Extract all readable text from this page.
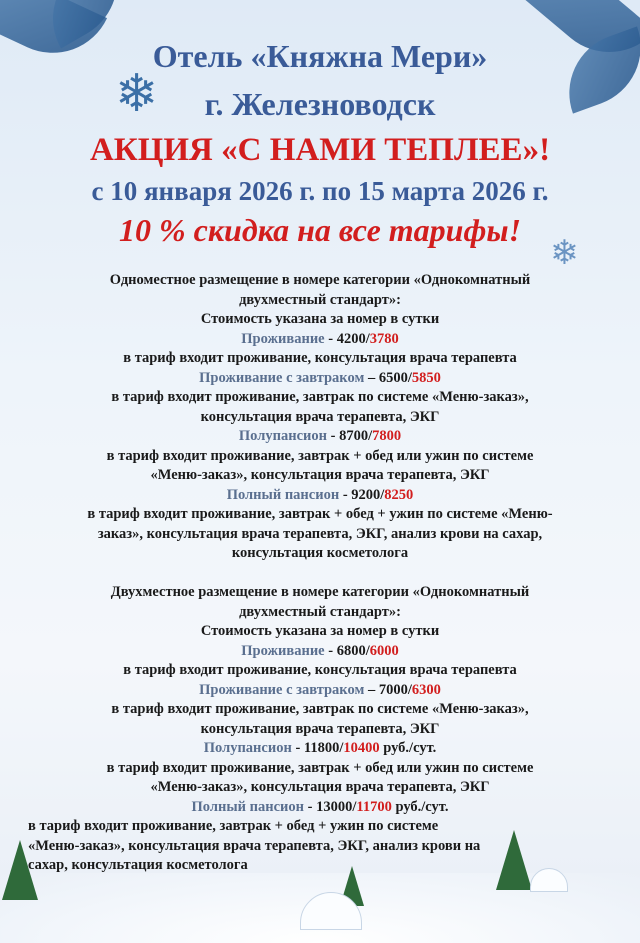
❄
❄
Отель «Княжна Мери»
г. Железноводск
АКЦИЯ «С НАМИ ТЕПЛЕЕ»!
с 10 января 2026 г. по 15 марта 2026 г.
10 % скидка на все тарифы!

Одноместное размещение в номере категории «Однокомнатный

двухместный стандарт»:

Стоимость указана за номер в сутки

Проживание - 4200/3780

в тариф входит проживание, консультация врача терапевта

Проживание с завтраком – 6500/5850

в тариф входит проживание, завтрак по системе «Меню-заказ»,

консультация врача терапевта, ЭКГ

Полупансион - 8700/7800

в тариф входит проживание, завтрак + обед или ужин по системе

«Меню-заказ», консультация врача терапевта, ЭКГ

Полный пансион - 9200/8250

в тариф входит проживание, завтрак + обед + ужин по системе «Меню-

заказ», консультация врача терапевта, ЭКГ, анализ крови на сахар,

консультация косметолога

Двухместное размещение в номере категории «Однокомнатный

двухместный стандарт»:

Стоимость указана за номер в сутки

Проживание - 6800/6000

в тариф входит проживание, консультация врача терапевта

Проживание с завтраком – 7000/6300

в тариф входит проживание, завтрак по системе «Меню-заказ»,

консультация врача терапевта, ЭКГ

Полупансион - 11800/10400 руб./сут.

в тариф входит проживание, завтрак + обед или ужин по системе

«Меню-заказ», консультация врача терапевта, ЭКГ

Полный пансион - 13000/11700 руб./сут.

в тариф входит проживание, завтрак + обед + ужин по системе

«Меню-заказ», консультация врача терапевта, ЭКГ, анализ крови на

сахар, консультация косметолога
